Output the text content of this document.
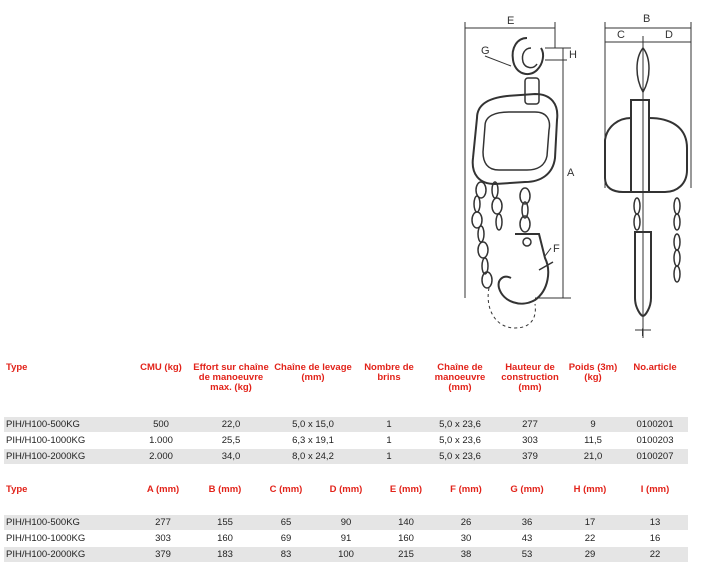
E
G	H
A
F
B
C	D
I
Type	CMU (kg)	Effort sur chaîne de manoeuvre max. (kg)	Chaîne de levage (mm)	Nombre de brins	Chaîne de manoeuvre (mm)	Hauteur de construction (mm)	Poids (3m) (kg)	No.article
PIH/H100-500KG	500	22,0	5,0 x 15,0	1	5,0 x 23,6	277	9	0100201
PIH/H100-1000KG	1.000	25,5	6,3 x 19,1	1	5,0 x 23,6	303	11,5	0100203
PIH/H100-2000KG	2.000	34,0	8,0 x 24,2	1	5,0 x 23,6	379	21,0	0100207
Type	A (mm)	B (mm)	C (mm)	D (mm)	E (mm)	F (mm)	G (mm)	H (mm)	I (mm)
PIH/H100-500KG	277	155	65	90	140	26	36	17	13
PIH/H100-1000KG	303	160	69	91	160	30	43	22	16
PIH/H100-2000KG	379	183	83	100	215	38	53	29	22
